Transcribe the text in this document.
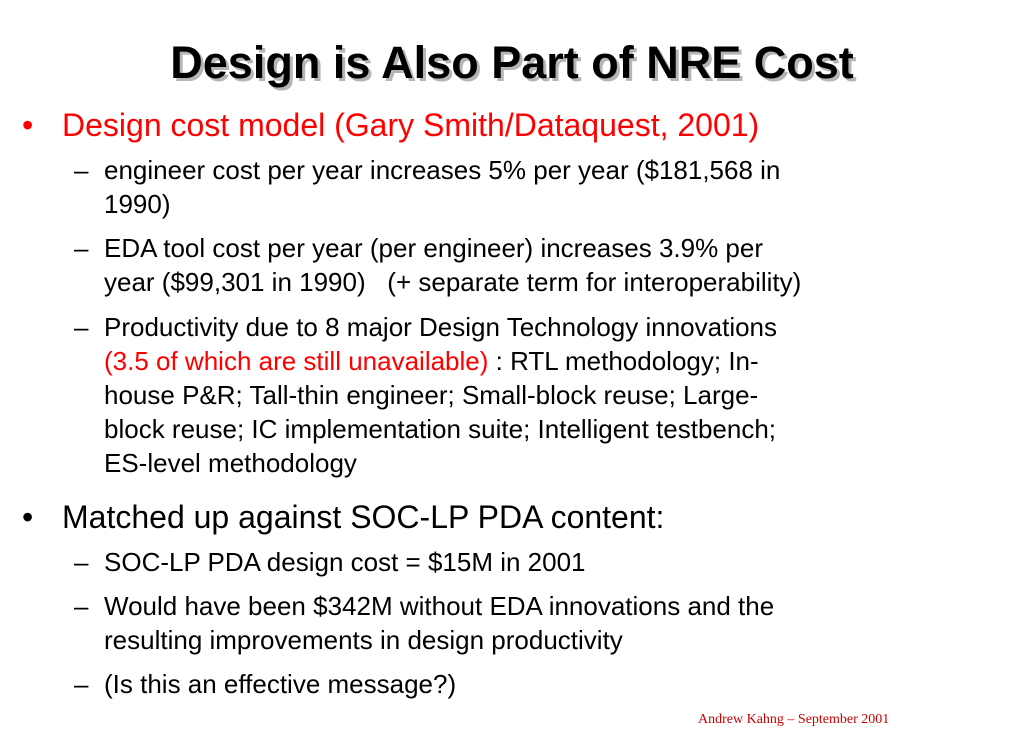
Design is Also Part of NRE Cost
• Design cost model (Gary Smith/Dataquest, 2001)
– engineer cost per year increases 5% per year ($181,568 in
1990)
– EDA tool cost per year (per engineer) increases 3.9% per
year ($99,301 in 1990)   (+ separate term for interoperability)
– Productivity due to 8 major Design Technology innovations
(3.5 of which are still unavailable) : RTL methodology; In-
house P&R; Tall-thin engineer; Small-block reuse; Large-
block reuse; IC implementation suite; Intelligent testbench;
ES-level methodology
• Matched up against SOC-LP PDA content:
– SOC-LP PDA design cost = $15M in 2001
– Would have been $342M without EDA innovations and the
resulting improvements in design productivity
– (Is this an effective message?)
Andrew Kahng – September 2001
